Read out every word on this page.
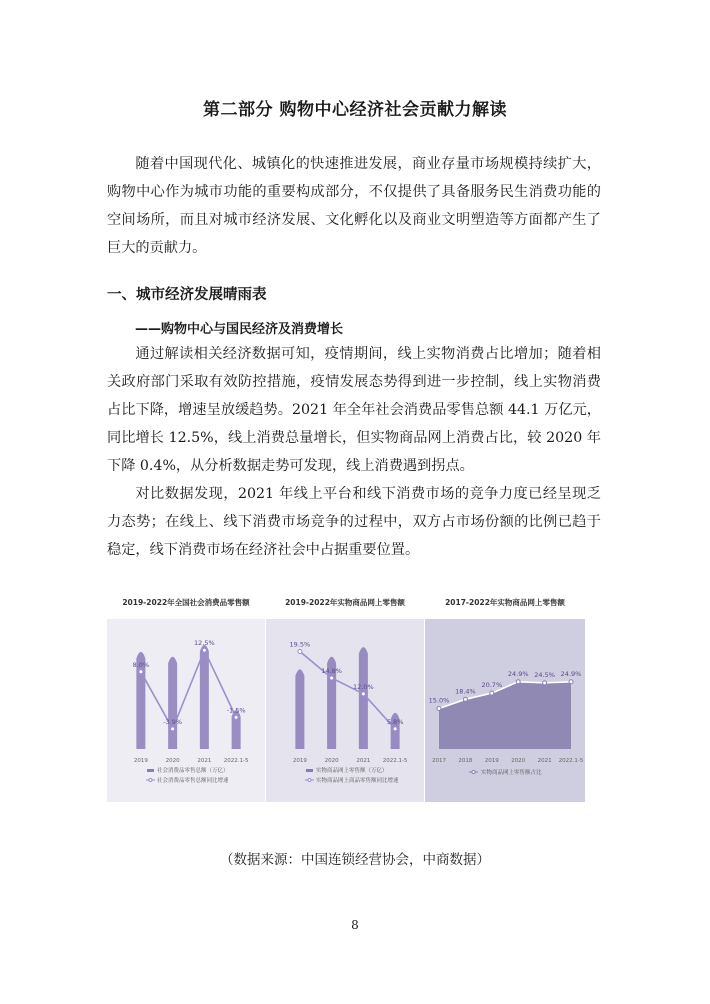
第二部分 购物中心经济社会贡献力解读

随着中国现代化、城镇化的快速推进发展，商业存量市场规模持续扩大，购物中心作为城市功能的重要构成部分，不仅提供了具备服务民生消费功能的空间场所，而且对城市经济发展、文化孵化以及商业文明塑造等方面都产生了巨大的贡献力。

一、城市经济发展晴雨表
——购物中心与国民经济及消费增长

通过解读相关经济数据可知，疫情期间，线上实物消费占比增加；随着相关政府部门采取有效防控措施，疫情发展态势得到进一步控制，线上实物消费占比下降，增速呈放缓趋势。2021 年全年社会消费品零售总额 44.1 万亿元，同比增长 12.5%，线上消费总量增长，但实物商品网上消费占比，较 2020 年下降 0.4%，从分析数据走势可发现，线上消费遇到拐点。

对比数据发现，2021 年线上平台和线下消费市场的竞争力度已经呈现乏力态势；在线上、线下消费市场竞争的过程中，双方占市场份额的比例已趋于稳定，线下消费市场在经济社会中占据重要位置。

2019-2022年全国社会消费品零售额
8.0%
-3.9%
12.5%
-1.5%
2019	2020	2021 2022.1-5
社会消费品零售总额（万亿）
社会消费品零售总额同比增速
2019-2022年实物商品网上零售额
19.5%
14.8%
12.0%
5.8%
2019	2020	2021 2022.1-5
实物商品网上零售额（万亿）
实物商品网上商品零售额同比增速
2017-2022年实物商品网上零售额
15.0%
18.4%
20.7%
24.9% 24.5% 24.9%
2017 2018 2019 2020 2021 2022.1-5
实物商品网上零售额占比
（数据来源：中国连锁经营协会，中商数据）
8
